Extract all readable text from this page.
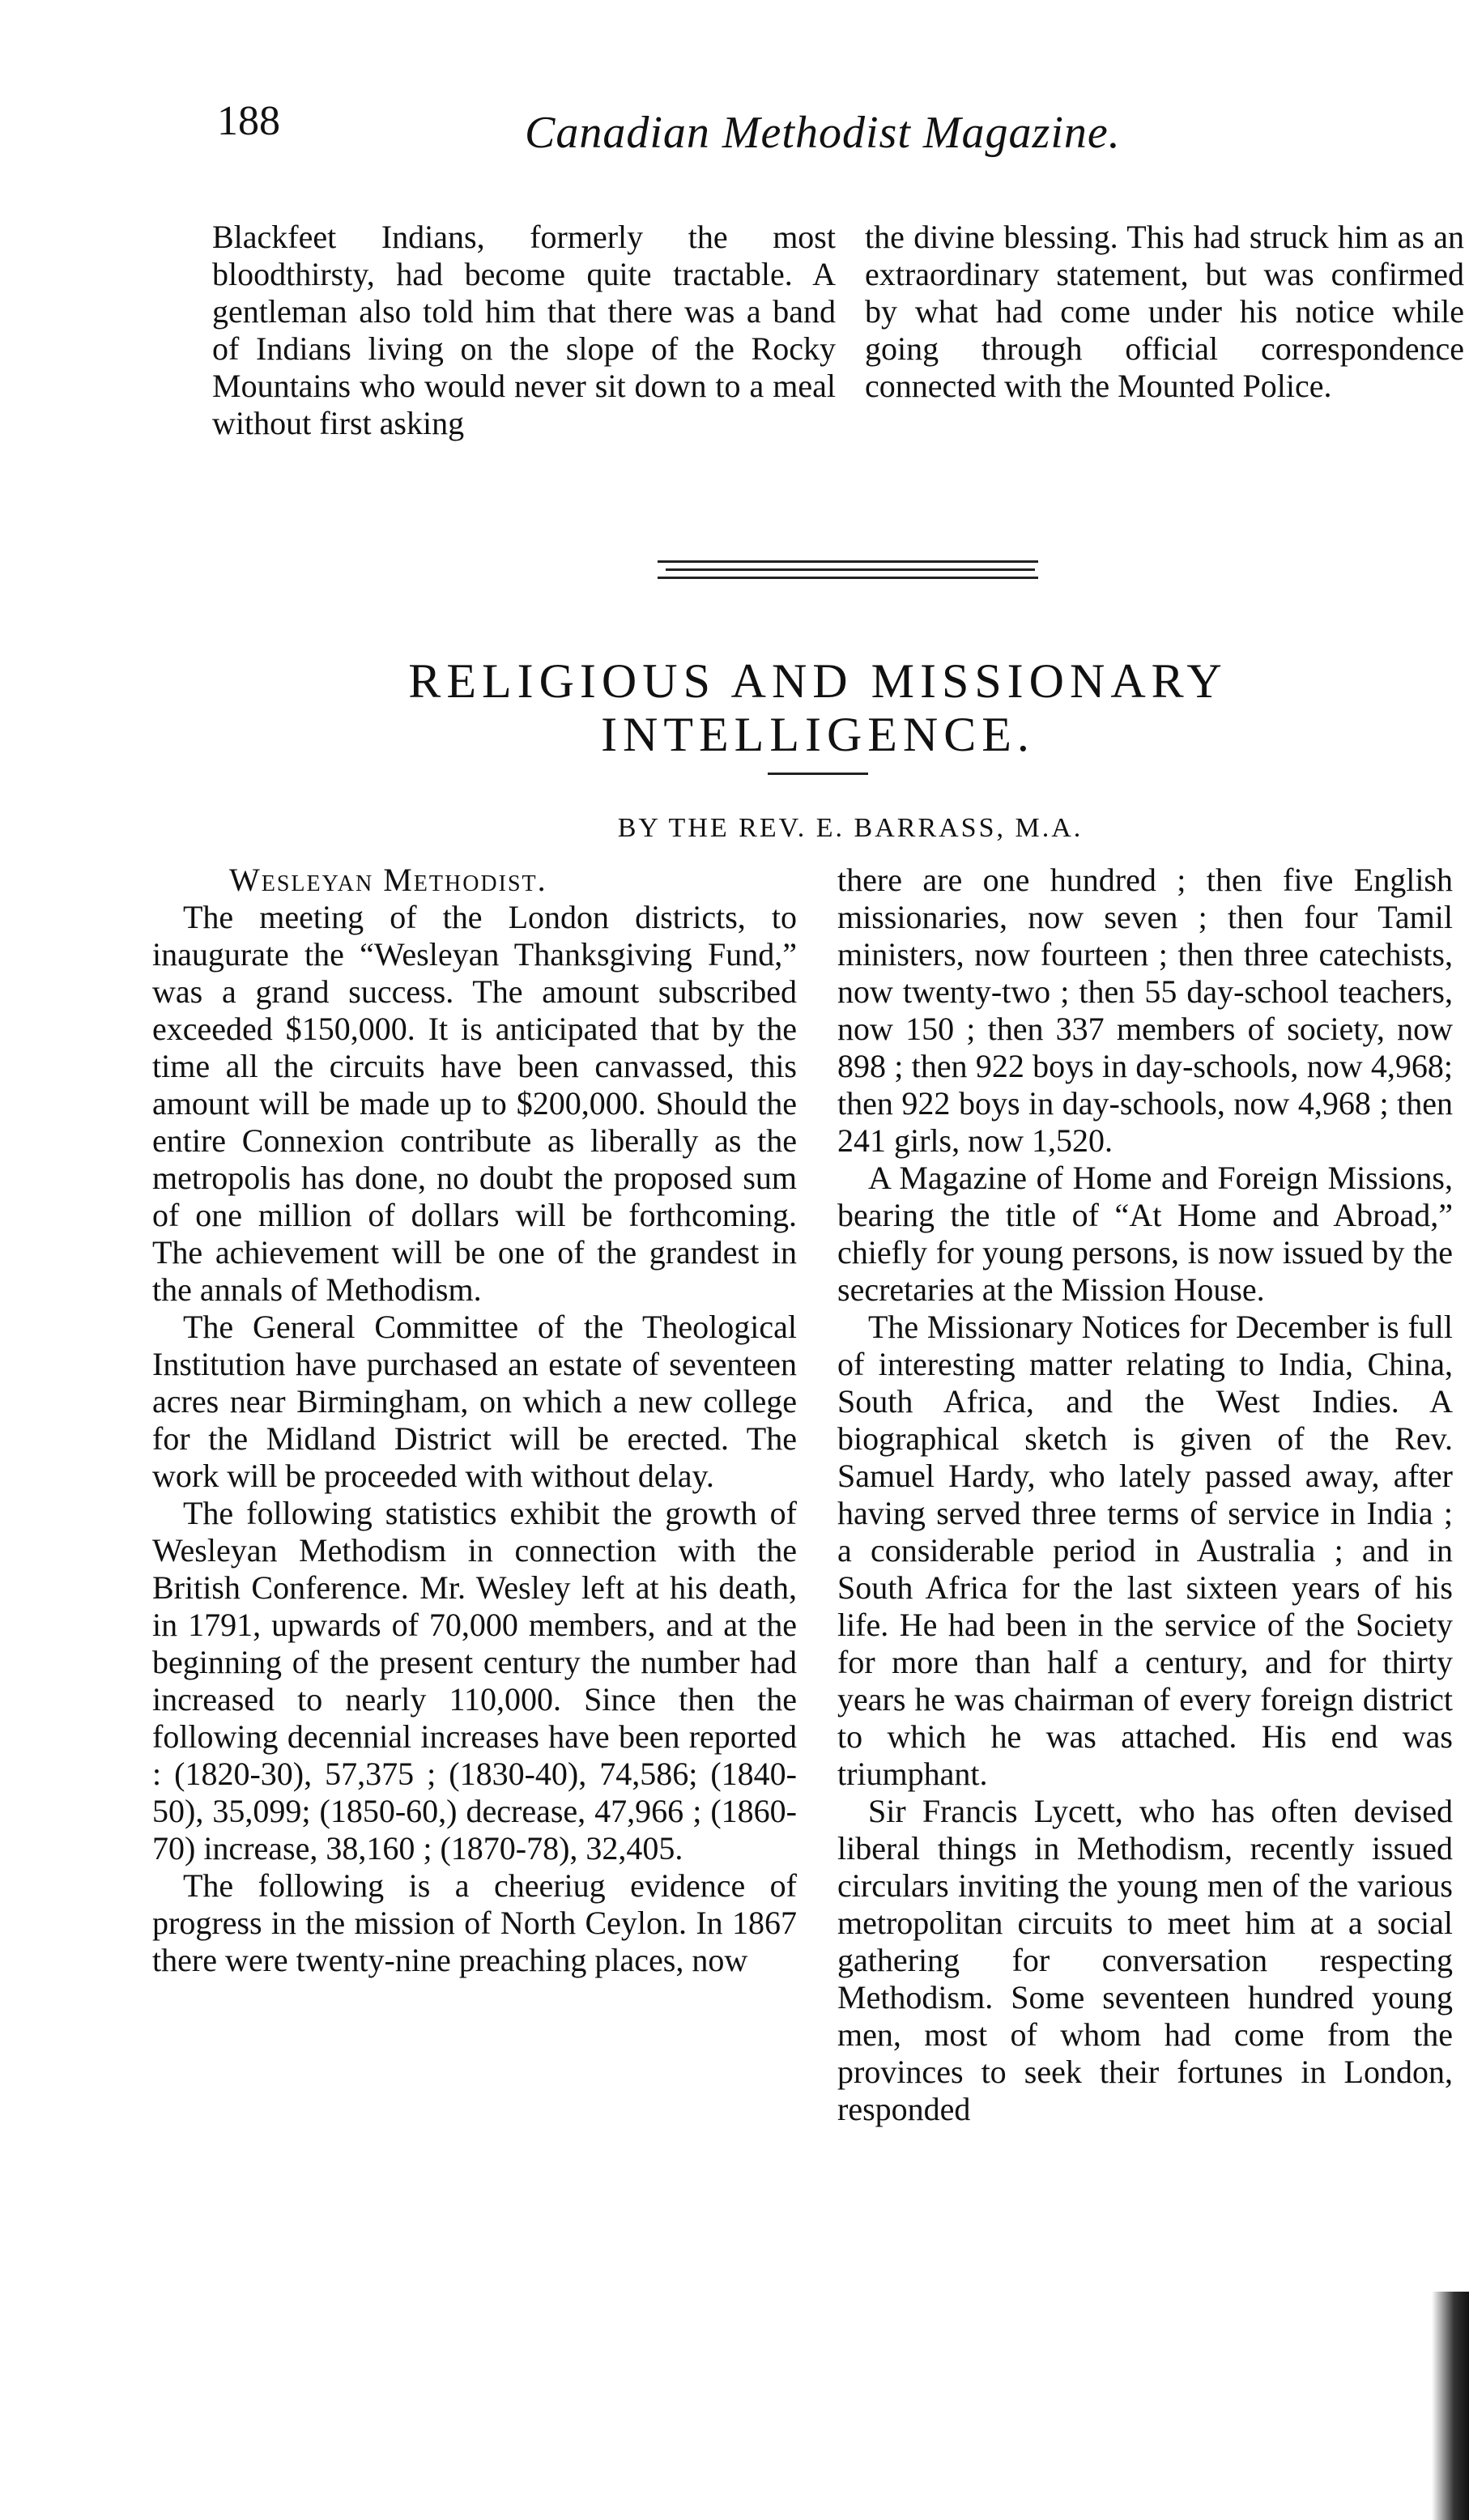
188	Canadian Methodist Magazine.

Blackfeet Indians, formerly the most bloodthirsty, had become quite tractable. A gentleman also told him that there was a band of Indians living on the slope of the Rocky Mountains who would never sit down to a meal without first asking

the divine blessing. This had struck him as an extraordinary statement, but was confirmed by what had come under his notice while going through official correspondence connected with the Mounted Police.

RELIGIOUS AND MISSIONARY INTELLIGENCE.
BY THE REV. E. BARRASS, M.A.

Wesleyan Methodist.

The meeting of the London districts, to inaugurate the “Wesleyan Thanksgiving Fund,” was a grand success. The amount subscribed exceeded $150,000. It is anticipated that by the time all the circuits have been canvassed, this amount will be made up to $200,000. Should the entire Connexion contribute as liberally as the metropolis has done, no doubt the proposed sum of one million of dollars will be forthcoming. The achievement will be one of the grandest in the annals of Methodism.

The General Committee of the Theological Institution have purchased an estate of seventeen acres near Birmingham, on which a new college for the Midland District will be erected. The work will be proceeded with without delay.

The following statistics exhibit the growth of Wesleyan Methodism in connection with the British Conference. Mr. Wesley left at his death, in 1791, upwards of 70,000 members, and at the beginning of the present century the number had increased to nearly 110,000. Since then the following decennial increases have been reported : (1820-30), 57,375 ; (1830-40), 74,586; (1840-50), 35,099; (1850-60,) decrease, 47,966 ; (1860-70) increase, 38,160 ; (1870-78), 32,405.

The following is a cheeriug evidence of progress in the mission of North Ceylon. In 1867 there were twenty-nine preaching places, now

there are one hundred ; then five English missionaries, now seven ; then four Tamil ministers, now fourteen ; then three catechists, now twenty-two ; then 55 day-school teachers, now 150 ; then 337 members of society, now 898 ; then 922 boys in day-schools, now 4,968; then 922 boys in day-schools, now 4,968 ; then 241 girls, now 1,520.

A Magazine of Home and Foreign Missions, bearing the title of “At Home and Abroad,” chiefly for young persons, is now issued by the secretaries at the Mission House.

The Missionary Notices for December is full of interesting matter relating to India, China, South Africa, and the West Indies. A biographical sketch is given of the Rev. Samuel Hardy, who lately passed away, after having served three terms of service in India ; a considerable period in Australia ; and in South Africa for the last sixteen years of his life. He had been in the service of the Society for more than half a century, and for thirty years he was chairman of every foreign district to which he was attached. His end was triumphant.

Sir Francis Lycett, who has often devised liberal things in Methodism, recently issued circulars inviting the young men of the various metropolitan circuits to meet him at a social gathering for conversation respecting Methodism. Some seventeen hundred young men, most of whom had come from the provinces to seek their fortunes in London, responded
